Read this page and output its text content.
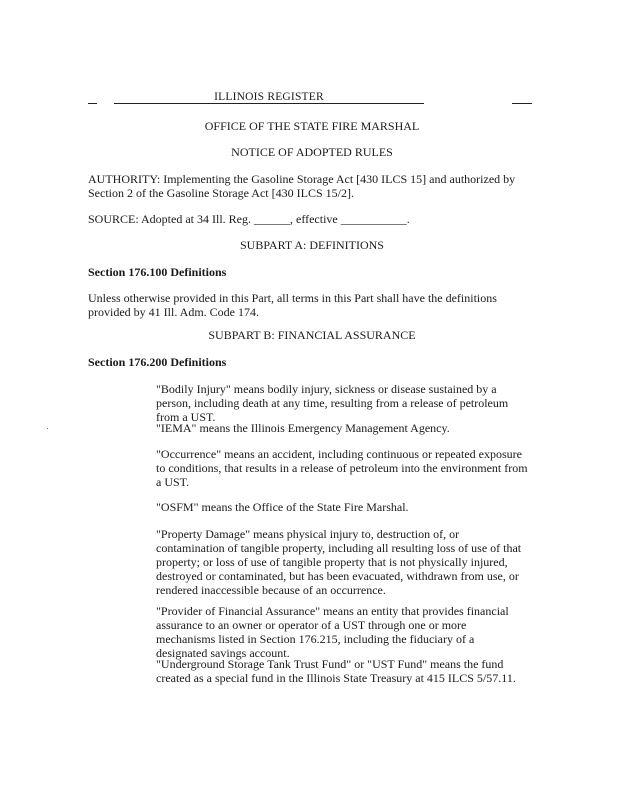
ILLINOIS REGISTER
OFFICE OF THE STATE FIRE MARSHAL
NOTICE OF ADOPTED RULES
AUTHORITY: Implementing the Gasoline Storage Act [430 ILCS 15] and authorized by Section 2 of the Gasoline Storage Act [430 ILCS 15/2].
SOURCE: Adopted at 34 Ill. Reg. ______, effective ___________.
SUBPART A: DEFINITIONS
Section 176.100 Definitions
Unless otherwise provided in this Part, all terms in this Part shall have the definitions provided by 41 Ill. Adm. Code 174.
SUBPART B: FINANCIAL ASSURANCE
Section 176.200 Definitions
"Bodily Injury" means bodily injury, sickness or disease sustained by a person, including death at any time, resulting from a release of petroleum from a UST.
"IEMA" means the Illinois Emergency Management Agency.
"Occurrence" means an accident, including continuous or repeated exposure to conditions, that results in a release of petroleum into the environment from a UST.
"OSFM" means the Office of the State Fire Marshal.
"Property Damage" means physical injury to, destruction of, or contamination of tangible property, including all resulting loss of use of that property; or loss of use of tangible property that is not physically injured, destroyed or contaminated, but has been evacuated, withdrawn from use, or rendered inaccessible because of an occurrence.
"Provider of Financial Assurance" means an entity that provides financial assurance to an owner or operator of a UST through one or more mechanisms listed in Section 176.215, including the fiduciary of a designated savings account.
"Underground Storage Tank Trust Fund" or "UST Fund" means the fund created as a special fund in the Illinois State Treasury at 415 ILCS 5/57.11.
